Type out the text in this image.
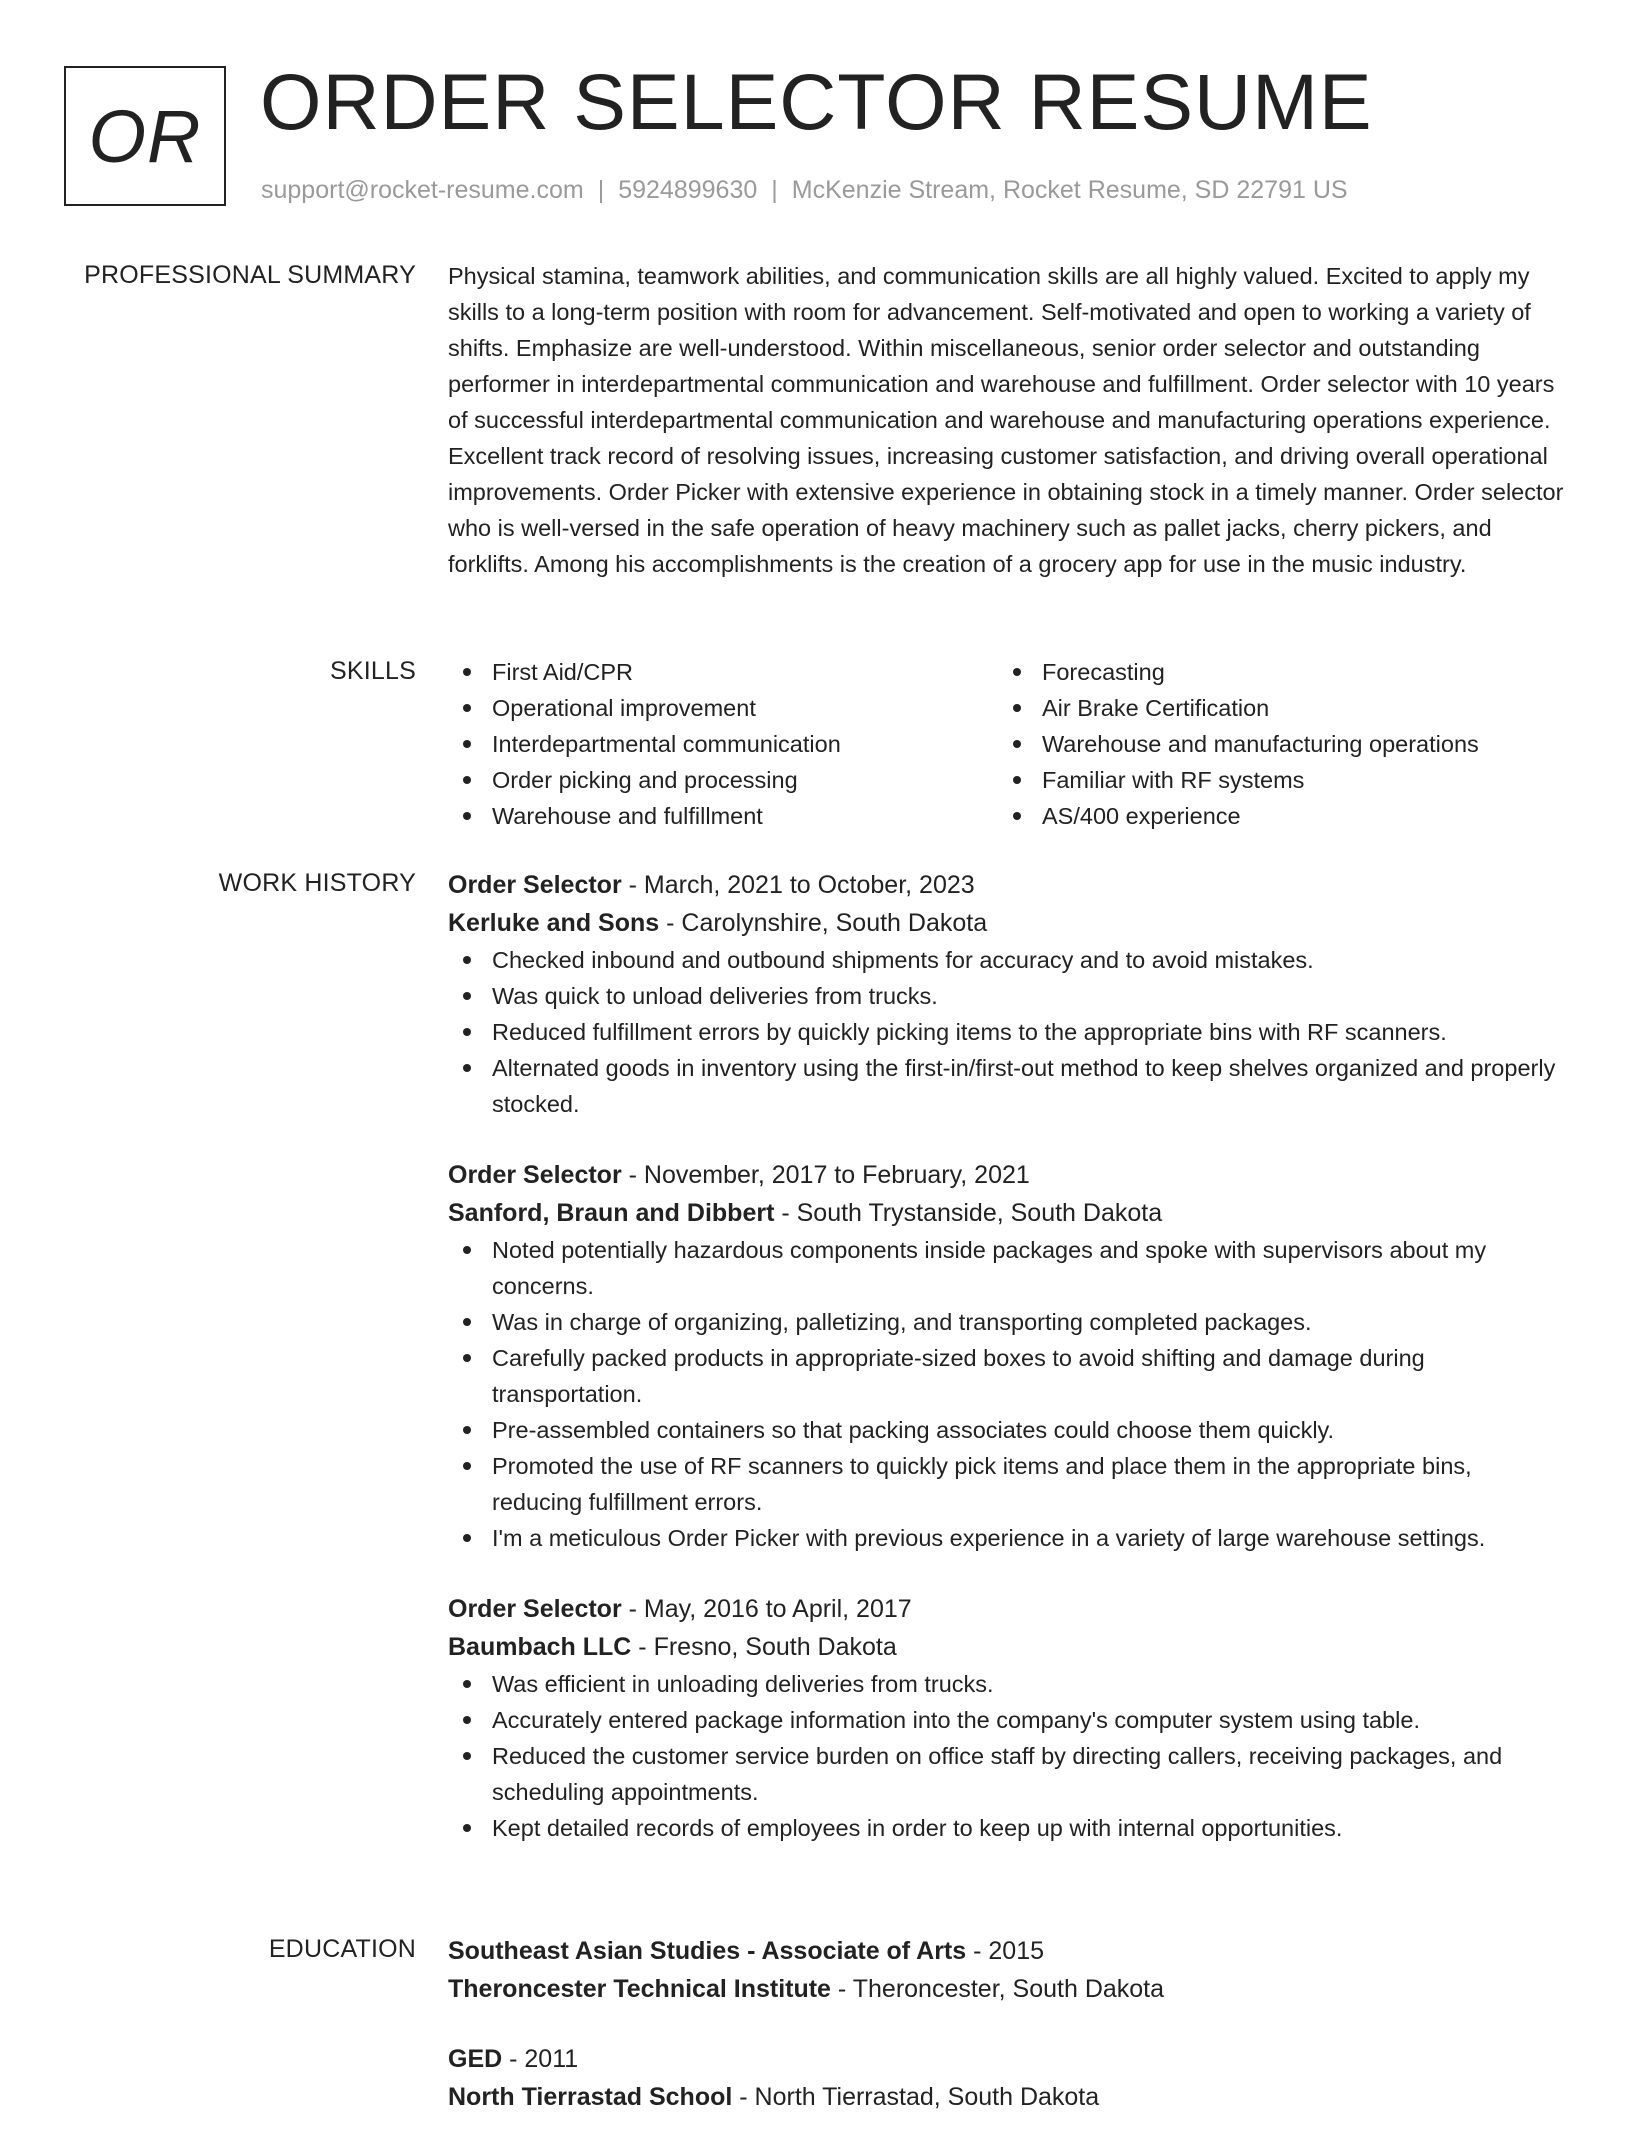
OR ORDER SELECTOR RESUME
support@rocket-resume.com | 5924899630 | McKenzie Stream, Rocket Resume, SD 22791 US
PROFESSIONAL SUMMARY Physical stamina, teamwork abilities, and communication skills are all highly valued. Excited to apply my skills to a long-term position with room for advancement. Self-motivated and open to working a variety of shifts. Emphasize are well-understood. Within miscellaneous, senior order selector and outstanding performer in interdepartmental communication and warehouse and fulfillment. Order selector with 10 years of successful interdepartmental communication and warehouse and manufacturing operations experience. Excellent track record of resolving issues, increasing customer satisfaction, and driving overall operational improvements. Order Picker with extensive experience in obtaining stock in a timely manner. Order selector who is well-versed in the safe operation of heavy machinery such as pallet jacks, cherry pickers, and forklifts. Among his accomplishments is the creation of a grocery app for use in the music industry.

SKILLS	First Aid/CPR
Operational improvement
Interdepartmental communication
Order picking and processing
Warehouse and fulfillment
Forecasting
Air Brake Certification
Warehouse and manufacturing operations
Familiar with RF systems
AS/400 experience
WORK HISTORY Order Selector - March, 2021 to October, 2023
Kerluke and Sons - Carolynshire, South Dakota
Checked inbound and outbound shipments for accuracy and to avoid mistakes.
Was quick to unload deliveries from trucks.
Reduced fulfillment errors by quickly picking items to the appropriate bins with RF scanners.
Alternated goods in inventory using the first-in/first-out method to keep shelves organized and properly stocked.
Order Selector - November, 2017 to February, 2021
Sanford, Braun and Dibbert - South Trystanside, South Dakota
Noted potentially hazardous components inside packages and spoke with supervisors about my concerns.
Was in charge of organizing, palletizing, and transporting completed packages.
Carefully packed products in appropriate-sized boxes to avoid shifting and damage during transportation.
Pre-assembled containers so that packing associates could choose them quickly.
Promoted the use of RF scanners to quickly pick items and place them in the appropriate bins, reducing fulfillment errors.
I'm a meticulous Order Picker with previous experience in a variety of large warehouse settings.
Order Selector - May, 2016 to April, 2017
Baumbach LLC - Fresno, South Dakota
Was efficient in unloading deliveries from trucks.
Accurately entered package information into the company's computer system using table.
Reduced the customer service burden on office staff by directing callers, receiving packages, and scheduling appointments.
Kept detailed records of employees in order to keep up with internal opportunities.
EDUCATION Southeast Asian Studies - Associate of Arts - 2015
Theroncester Technical Institute - Theroncester, South Dakota
GED - 2011
North Tierrastad School - North Tierrastad, South Dakota
